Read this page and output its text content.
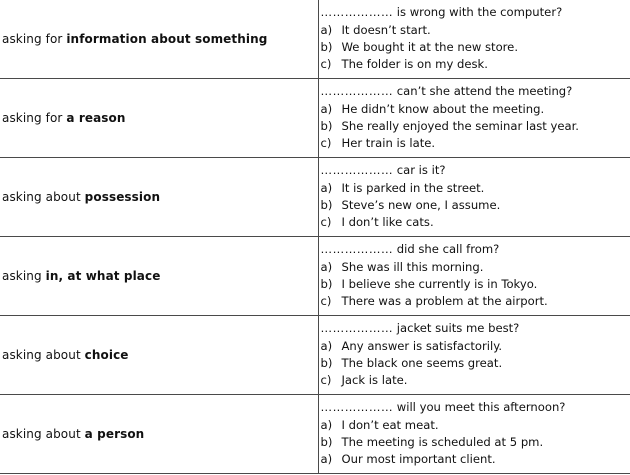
asking for information about something	……………… is wrong with the computer?
a) It doesn’t start.
b) We bought it at the new store.
c) The folder is on my desk.

asking for a reason	……………… can’t she attend the meeting?
a) He didn’t know about the meeting.
b) She really enjoyed the seminar last year.
c) Her train is late.

asking about possession	……………… car is it?
a) It is parked in the street.
b) Steve’s new one, I assume.
c) I don’t like cats.

asking in, at what place	……………… did she call from?
a) She was ill this morning.
b) I believe she currently is in Tokyo.
c) There was a problem at the airport.

asking about choice	……………… jacket suits me best?
a) Any answer is satisfactorily.
b) The black one seems great.
c) Jack is late.

asking about a person	……………… will you meet this afternoon?
a) I don’t eat meat.
b) The meeting is scheduled at 5 pm.
a) Our most important client.
